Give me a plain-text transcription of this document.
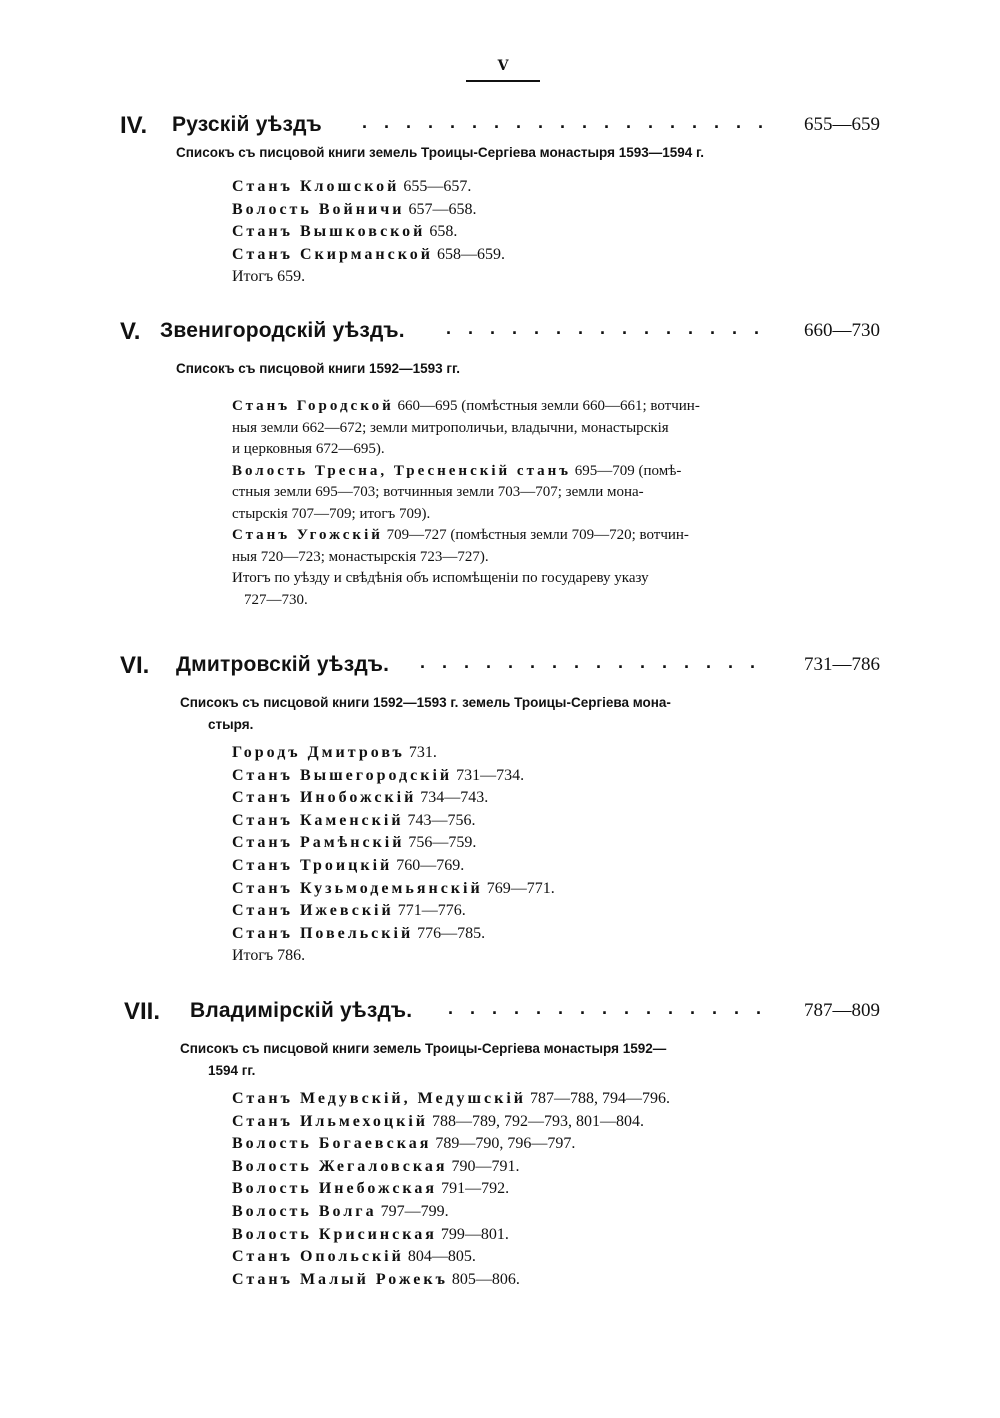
V
IV. Рузскій уѣздъ . . . . . . . . . . . . . . . . . . .	655—659
Списокъ съ писцовой книги земель Троицы-Сергіева монастыря 1593—1594 г.
Станъ Клошской 655—657.
Волость Войничи 657—658.
Станъ Вышковской 658.
Станъ Скирманской 658—659.
Итогъ 659.
V. Звенигородскій уѣздъ. . . . . . . . . . . . . . . .	660—730
Списокъ съ писцовой книги 1592—1593 гг.
Станъ Городской 660—695 (помѣстныя земли 660—661; вотчин-
ныя земли 662—672; земли митрополичьи, владычни, монастырскія
и церковныя 672—695).
Волость Тресна, Тресненскій станъ 695—709 (помѣ-
стныя земли 695—703; вотчинныя земли 703—707; земли мона-
стырскія 707—709; итогъ 709).
Станъ Угожскій 709—727 (помѣстныя земли 709—720; вотчин-
ныя 720—723; монастырскія 723—727).
Итогъ по уѣзду и свѣдѣнія объ испомѣщеніи по государеву указу
727—730.
VI. Дмитровскій уѣздъ. . . . . . . . . . . . . . . . .	731—786
Списокъ съ писцовой книги 1592—1593 г. земель Троицы-Сергіева мона-
стыря.
Городъ Дмитровъ 731.
Станъ Вышегородскій 731—734.
Станъ Инобожскій 734—743.
Станъ Каменскій 743—756.
Станъ Рамѣнскій 756—759.
Станъ Троицкій 760—769.
Станъ Кузьмодемьянскій 769—771.
Станъ Ижевскій 771—776.
Станъ Повельскій 776—785.
Итогъ 786.
VII. Владимірскій уѣздъ. . . . . . . . . . . . . . . .	787—809
Списокъ съ писцовой книги земель Троицы-Сергіева монастыря 1592—
1594 гг.
Станъ Медувскій, Медушскій 787—788, 794—796.
Станъ Ильмехоцкій 788—789, 792—793, 801—804.
Волость Богаевская 789—790, 796—797.
Волость Жегаловская 790—791.
Волость Инебожская 791—792.
Волость Волга 797—799.
Волость Крисинская 799—801.
Станъ Опольскій 804—805.
Станъ Малый Рожекъ 805—806.
